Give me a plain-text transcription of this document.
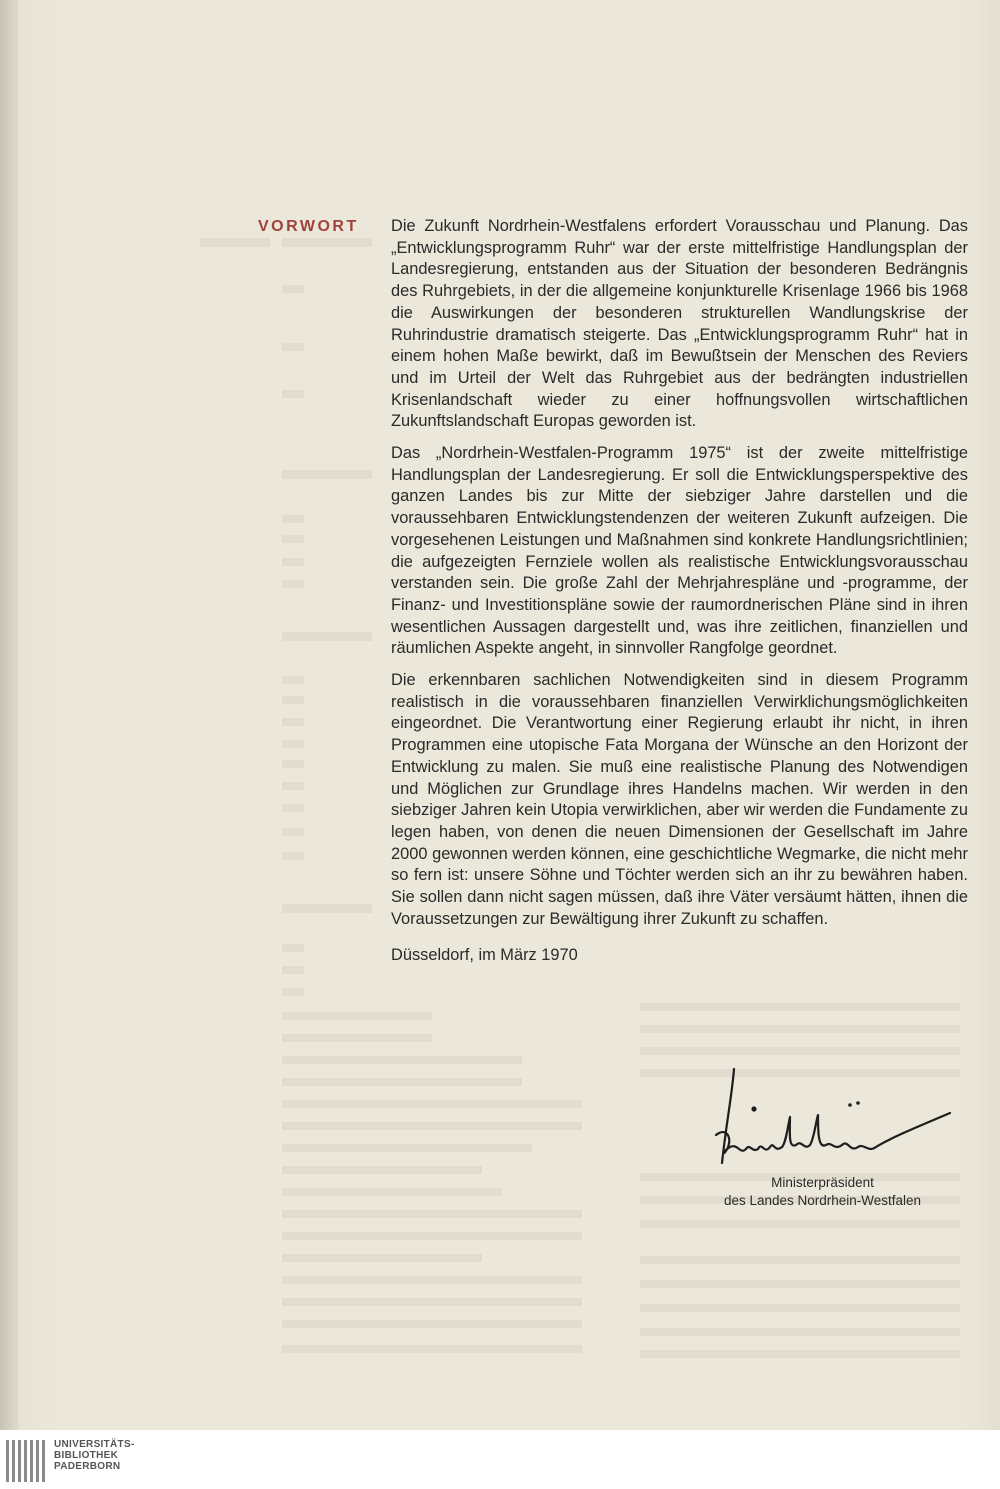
VORWORT Die Zukunft Nordrhein-Westfalens erfordert Vorausschau und Planung. Das „Entwicklungsprogramm Ruhr“ war der erste mittelfristige Handlungsplan der Landesregierung, entstanden aus der Situation der besonderen Bedrängnis des Ruhrgebiets, in der die allgemeine konjunkturelle Krisenlage 1966 bis 1968 die Auswirkungen der besonderen strukturellen Wandlungskrise der Ruhrindustrie dramatisch steigerte. Das „Entwicklungsprogramm Ruhr“ hat in einem hohen Maße bewirkt, daß im Bewußtsein der Menschen des Reviers und im Urteil der Welt das Ruhrgebiet aus der bedrängten industriellen Krisenlandschaft wieder zu einer hoffnungsvollen wirtschaftlichen Zukunftslandschaft Europas geworden ist.

Das „Nordrhein-Westfalen-Programm 1975“ ist der zweite mittelfristige Handlungsplan der Landesregierung. Er soll die Entwicklungsperspektive des ganzen Landes bis zur Mitte der siebziger Jahre darstellen und die voraussehbaren Entwicklungstendenzen der weiteren Zukunft aufzeigen. Die vorgesehenen Leistungen und Maßnahmen sind konkrete Handlungsrichtlinien; die aufgezeigten Fernziele wollen als realistische Entwicklungsvorausschau verstanden sein. Die große Zahl der Mehrjahrespläne und -programme, der Finanz- und Investitionspläne sowie der raumordnerischen Pläne sind in ihren wesentlichen Aussagen dargestellt und, was ihre zeitlichen, finanziellen und räumlichen Aspekte angeht, in sinnvoller Rangfolge geordnet.

Die erkennbaren sachlichen Notwendigkeiten sind in diesem Programm realistisch in die voraussehbaren finanziellen Verwirklichungsmöglichkeiten eingeordnet. Die Verantwortung einer Regierung erlaubt ihr nicht, in ihren Programmen eine utopische Fata Morgana der Wünsche an den Horizont der Entwicklung zu malen. Sie muß eine realistische Planung des Notwendigen und Möglichen zur Grundlage ihres Handelns machen. Wir werden in den siebziger Jahren kein Utopia verwirklichen, aber wir werden die Fundamente zu legen haben, von denen die neuen Dimensionen der Gesellschaft im Jahre 2000 gewonnen werden können, eine geschichtliche Wegmarke, die nicht mehr so fern ist: unsere Söhne und Töchter werden sich an ihr zu bewähren haben. Sie sollen dann nicht sagen müssen, daß ihre Väter versäumt hätten, ihnen die Voraussetzungen zur Bewältigung ihrer Zukunft zu schaffen.

Düsseldorf, im März 1970

Ministerpräsident
des Landes Nordrhein-Westfalen
UNIVERSITÄTS-
BIBLIOTHEK
PADERBORN
